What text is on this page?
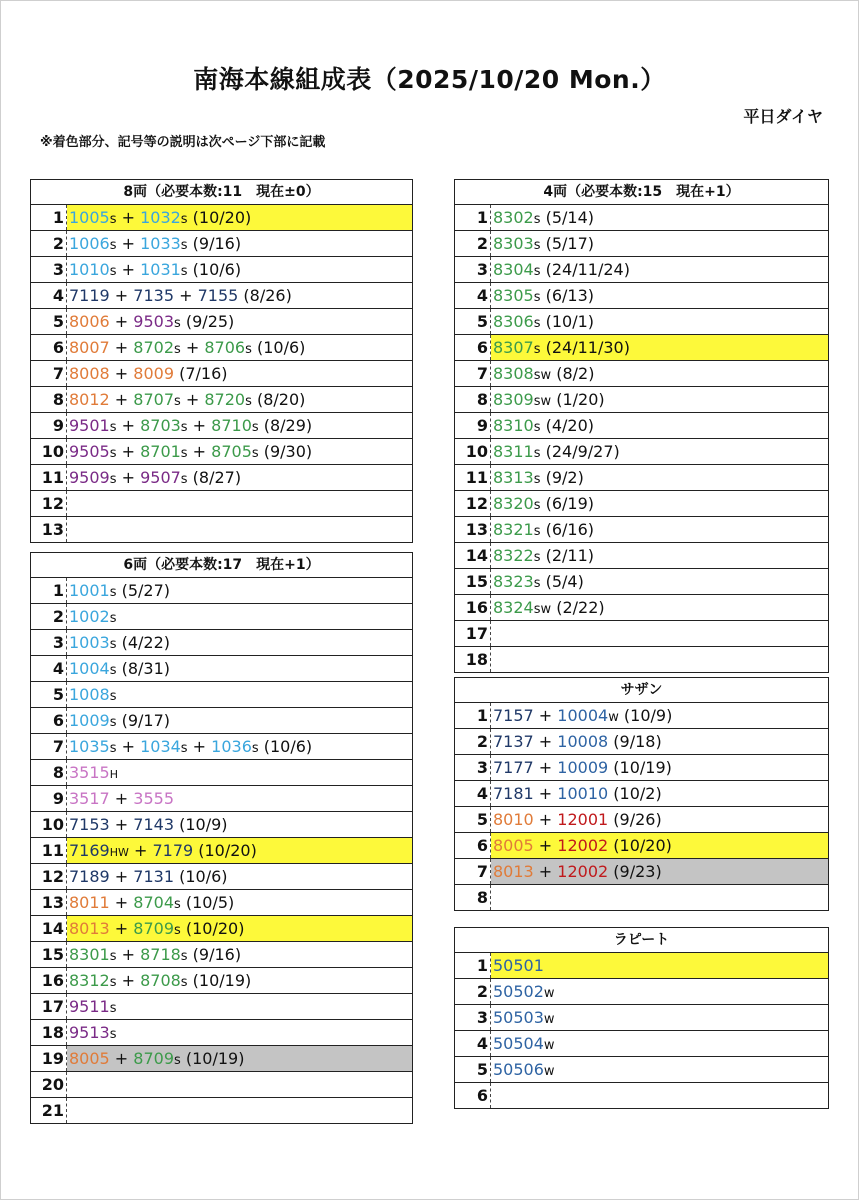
南海本線組成表（2025/10/20 Mon.）
平日ダイヤ
※着色部分、記号等の説明は次ページ下部に記載
8両（必要本数:11　現在±0）
1 1005s + 1032s (10/20)
2 1006s + 1033s (9/16)
3 1010s + 1031s (10/6)
4 7119 + 7135 + 7155 (8/26)
5 8006 + 9503s (9/25)
6 8007 + 8702s + 8706s (10/6)
7 8008 + 8009 (7/16)
8 8012 + 8707s + 8720s (8/20)
9 9501s + 8703s + 8710s (8/29)
10 9505s + 8701s + 8705s (9/30)
11 9509s + 9507s (8/27)
12
13
6両（必要本数:17　現在+1）
1 1001s (5/27)
2 1002s
3 1003s (4/22)
4 1004s (8/31)
5 1008s
6 1009s (9/17)
7 1035s + 1034s + 1036s (10/6)
8 3515H
9 3517 + 3555
10 7153 + 7143 (10/9)
11 7169HW + 7179 (10/20)
12 7189 + 7131 (10/6)
13 8011 + 8704s (10/5)
14 8013 + 8709s (10/20)
15 8301s + 8718s (9/16)
16 8312s + 8708s (10/19)
17 9511s
18 9513s
19 8005 + 8709s (10/19)
20
21
4両（必要本数:15　現在+1）
1 8302s (5/14)
2 8303s (5/17)
3 8304s (24/11/24)
4 8305s (6/13)
5 8306s (10/1)
6 8307s (24/11/30)
7 8308sw (8/2)
8 8309sw (1/20)
9 8310s (4/20)
10 8311s (24/9/27)
11 8313s (9/2)
12 8320s (6/19)
13 8321s (6/16)
14 8322s (2/11)
15 8323s (5/4)
16 8324sw (2/22)
17
18
サザン
1 7157 + 10004w (10/9)
2 7137 + 10008 (9/18)
3 7177 + 10009 (10/19)
4 7181 + 10010 (10/2)
5 8010 + 12001 (9/26)
6 8005 + 12002 (10/20)
7 8013 + 12002 (9/23)
8
ラピート
1 50501
2 50502w
3 50503w
4 50504w
5 50506w
6
